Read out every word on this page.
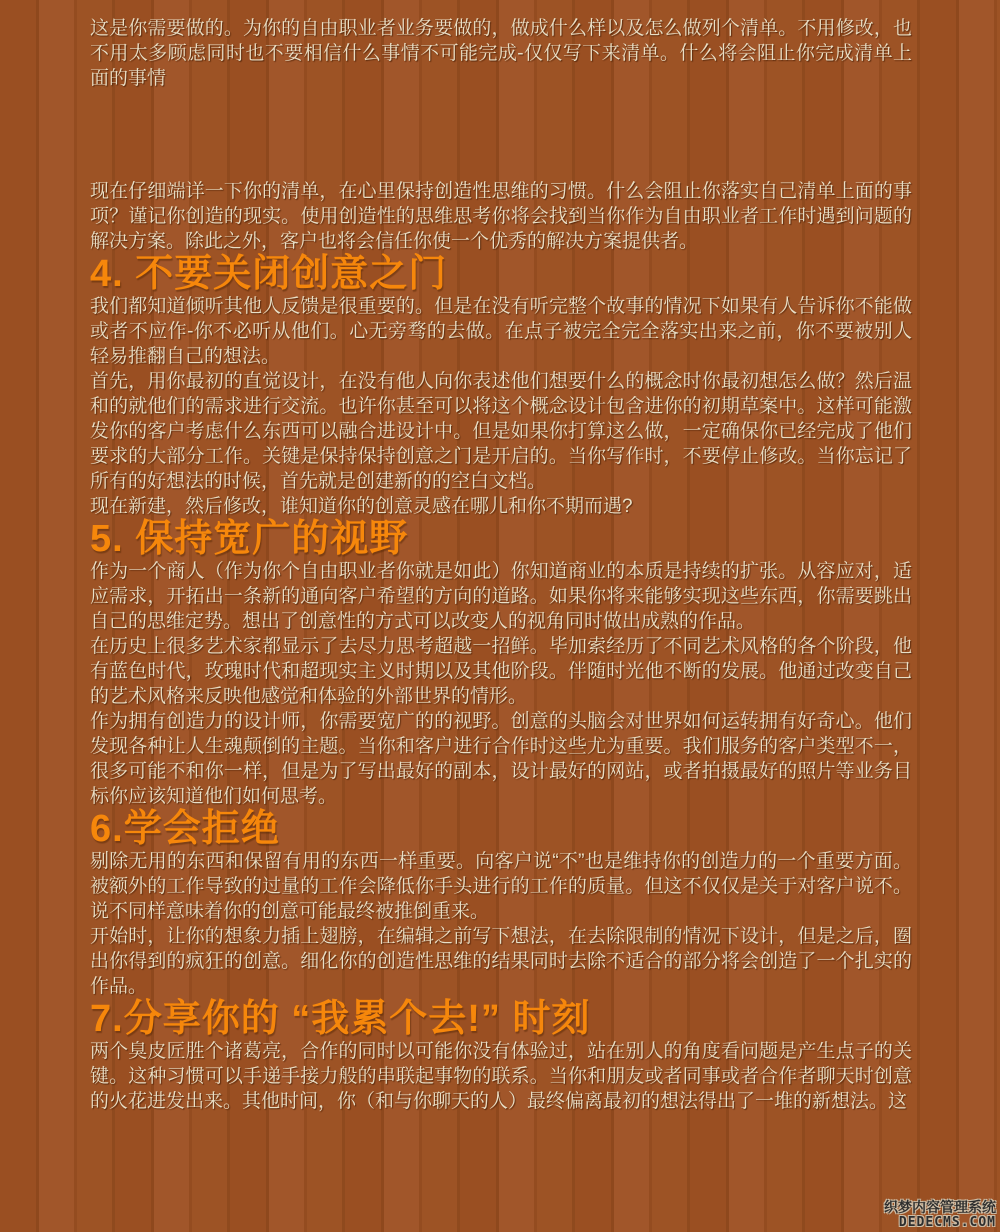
这是你需要做的。为你的自由职业者业务要做的，做成什么样以及怎么做列个清单。不用修改，也不用太多顾虑同时也不要相信什么事情不可能完成-仅仅写下来清单。什么将会阻止你完成清单上面的事情

现在仔细端详一下你的清单，在心里保持创造性思维的习惯。什么会阻止你落实自己清单上面的事项？谨记你创造的现实。使用创造性的思维思考你将会找到当你作为自由职业者工作时遇到问题的解决方案。除此之外，客户也将会信任你使一个优秀的解决方案提供者。

4. 不要关闭创意之门

我们都知道倾听其他人反馈是很重要的。但是在没有听完整个故事的情况下如果有人告诉你不能做或者不应作-你不必听从他们。心无旁骛的去做。在点子被完全完全落实出来之前，你不要被别人轻易推翻自己的想法。

首先，用你最初的直觉设计，在没有他人向你表述他们想要什么的概念时你最初想怎么做？然后温和的就他们的需求进行交流。也许你甚至可以将这个概念设计包含进你的初期草案中。这样可能激发你的客户考虑什么东西可以融合进设计中。但是如果你打算这么做，一定确保你已经完成了他们要求的大部分工作。关键是保持保持创意之门是开启的。当你写作时，不要停止修改。当你忘记了所有的好想法的时候，首先就是创建新的的空白文档。

现在新建，然后修改，谁知道你的创意灵感在哪儿和你不期而遇?

5. 保持宽广的视野

作为一个商人（作为你个自由职业者你就是如此）你知道商业的本质是持续的扩张。从容应对，适应需求，开拓出一条新的通向客户希望的方向的道路。如果你将来能够实现这些东西，你需要跳出自己的思维定势。想出了创意性的方式可以改变人的视角同时做出成熟的作品。

在历史上很多艺术家都显示了去尽力思考超越一招鲜。毕加索经历了不同艺术风格的各个阶段，他有蓝色时代，玫瑰时代和超现实主义时期以及其他阶段。伴随时光他不断的发展。他通过改变自己的艺术风格来反映他感觉和体验的外部世界的情形。

作为拥有创造力的设计师，你需要宽广的的视野。创意的头脑会对世界如何运转拥有好奇心。他们发现各种让人生魂颠倒的主题。当你和客户进行合作时这些尤为重要。我们服务的客户类型不一，很多可能不和你一样，但是为了写出最好的副本，设计最好的网站，或者拍摄最好的照片等业务目标你应该知道他们如何思考。

6.学会拒绝

剔除无用的东西和保留有用的东西一样重要。向客户说“不”也是维持你的创造力的一个重要方面。被额外的工作导致的过量的工作会降低你手头进行的工作的质量。但这不仅仅是关于对客户说不。说不同样意味着你的创意可能最终被推倒重来。

开始时，让你的想象力插上翅膀，在编辑之前写下想法，在去除限制的情况下设计，但是之后，圈出你得到的疯狂的创意。细化你的创造性思维的结果同时去除不适合的部分将会创造了一个扎实的作品。

7.分享你的 “我累个去!” 时刻

两个臭皮匠胜个诸葛亮，合作的同时以可能你没有体验过，站在别人的角度看问题是产生点子的关键。这种习惯可以手递手接力般的串联起事物的联系。当你和朋友或者同事或者合作者聊天时创意的火花进发出来。其他时间，你（和与你聊天的人）最终偏离最初的想法得出了一堆的新想法。这

织梦内容管理系统
DEDECMS.COM
